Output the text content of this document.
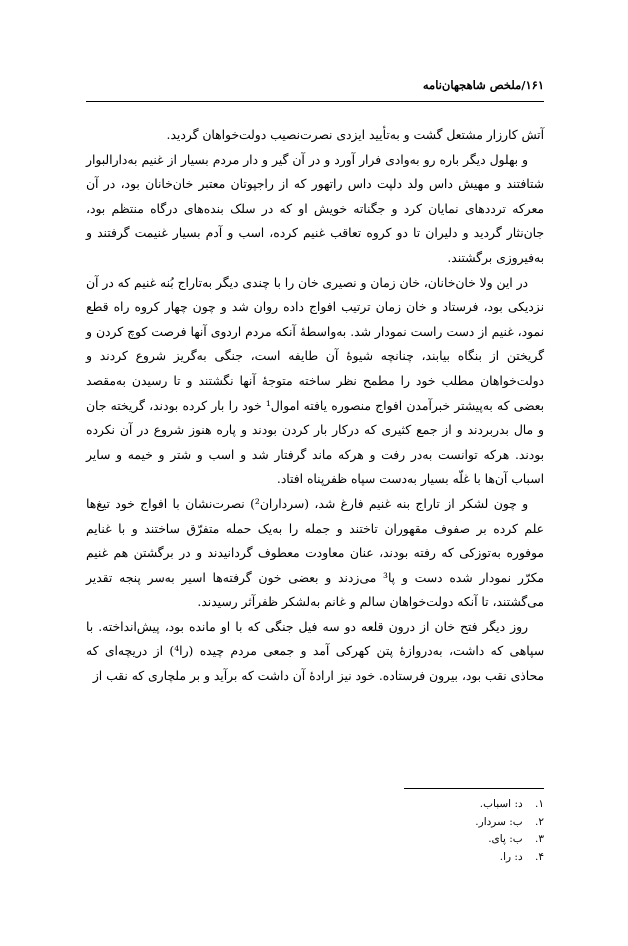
۱۶۱/ملخص شاهجهان‌نامه

آتش کارزار مشتعل گشت و به‌تأیید ایزدی نصرت‌نصیب دولت‌خواهان گردید.

و بهلول دیگر باره رو به‌وادی فرار آورد و در آن گیر و دار مردم بسیار از غنیم به‌دارالبوار شتافتند و مهیش داس ولد دلپت داس راتهور که از راجپوتان معتبر خان‌خانان بود، در آن معرکه ترددهای نمایان کرد و جگناته خویش او که در سلک بنده‌های درگاه منتظم بود، جان‌نثار گردید و دلیران تا دو کروه تعاقب غنیم کرده، اسب و آدم بسیار غنیمت گرفتند و به‌فیروزی برگشتند.

در این ولا خان‌خانان، خان زمان و نصیری خان را با چندی دیگر به‌تاراج بُنه غنیم که در آن نزدیکی بود، فرستاد و خان زمان ترتیب افواج داده روان شد و چون چهار کروه راه قطع نمود، غنیم از دست راست نمودار شد. به‌واسطهٔ آنکه مردم اردوی آنها فرصت کوچ کردن و گریختن از بنگاه بیابند، چنانچه شیوهٔ آن طایفه است، جنگی به‌گریز شروع کردند و دولت‌خواهان مطلب خود را مطمح نظر ساخته متوجهٔ آنها نگشتند و تا رسیدن به‌مقصد بعضی که به‌پیشتر خبرآمدن افواج منصوره یافته اموال¹ خود را بار کرده بودند، گریخته جان و مال بدربردند و از جمع کثیری که درکار بار کردن بودند و پاره هنوز شروع در آن نکرده بودند. هرکه توانست به‌در رفت و هرکه ماند گرفتار شد و اسب و شتر و خیمه و سایر اسباب آن‌ها با غلّه بسیار به‌دست سپاه ظفرپناه افتاد.

و چون لشکر از تاراج بنه غنیم فارغ شد، (سرداران²) نصرت‌نشان با افواج خود تیغ‌ها علم کرده بر صفوف مقهوران تاختند و جمله را به‌یک حمله متفرّق ساختند و با غنایم موفوره به‌توزکی که رفته بودند، عنان معاودت معطوف گردانیدند و در برگشتن هم غنیم مکرّر نمودار شده دست و پا³ می‌زدند و بعضی خون گرفته‌ها اسیر به‌سر پنجه تقدیر می‌گشتند، تا آنکه دولت‌خواهان سالم و غانم به‌لشکر ظفرآثر رسیدند.

روز دیگر فتح خان از درون قلعه دو سه فیل جنگی که با او مانده بود، پیش‌انداخته. با سپاهی که داشت، به‌دروازهٔ پتن کهرکی آمد و جمعی مردم چیده (را⁴) از دریچه‌ای که محاذی نقب بود، بیرون فرستاده. خود نیز ارادهٔ آن داشت که برآید و بر ملچاری که نقب از

۱. د: اسباب.
۲. ب: سردار.
۳. ب: پای.
۴. د: را.
